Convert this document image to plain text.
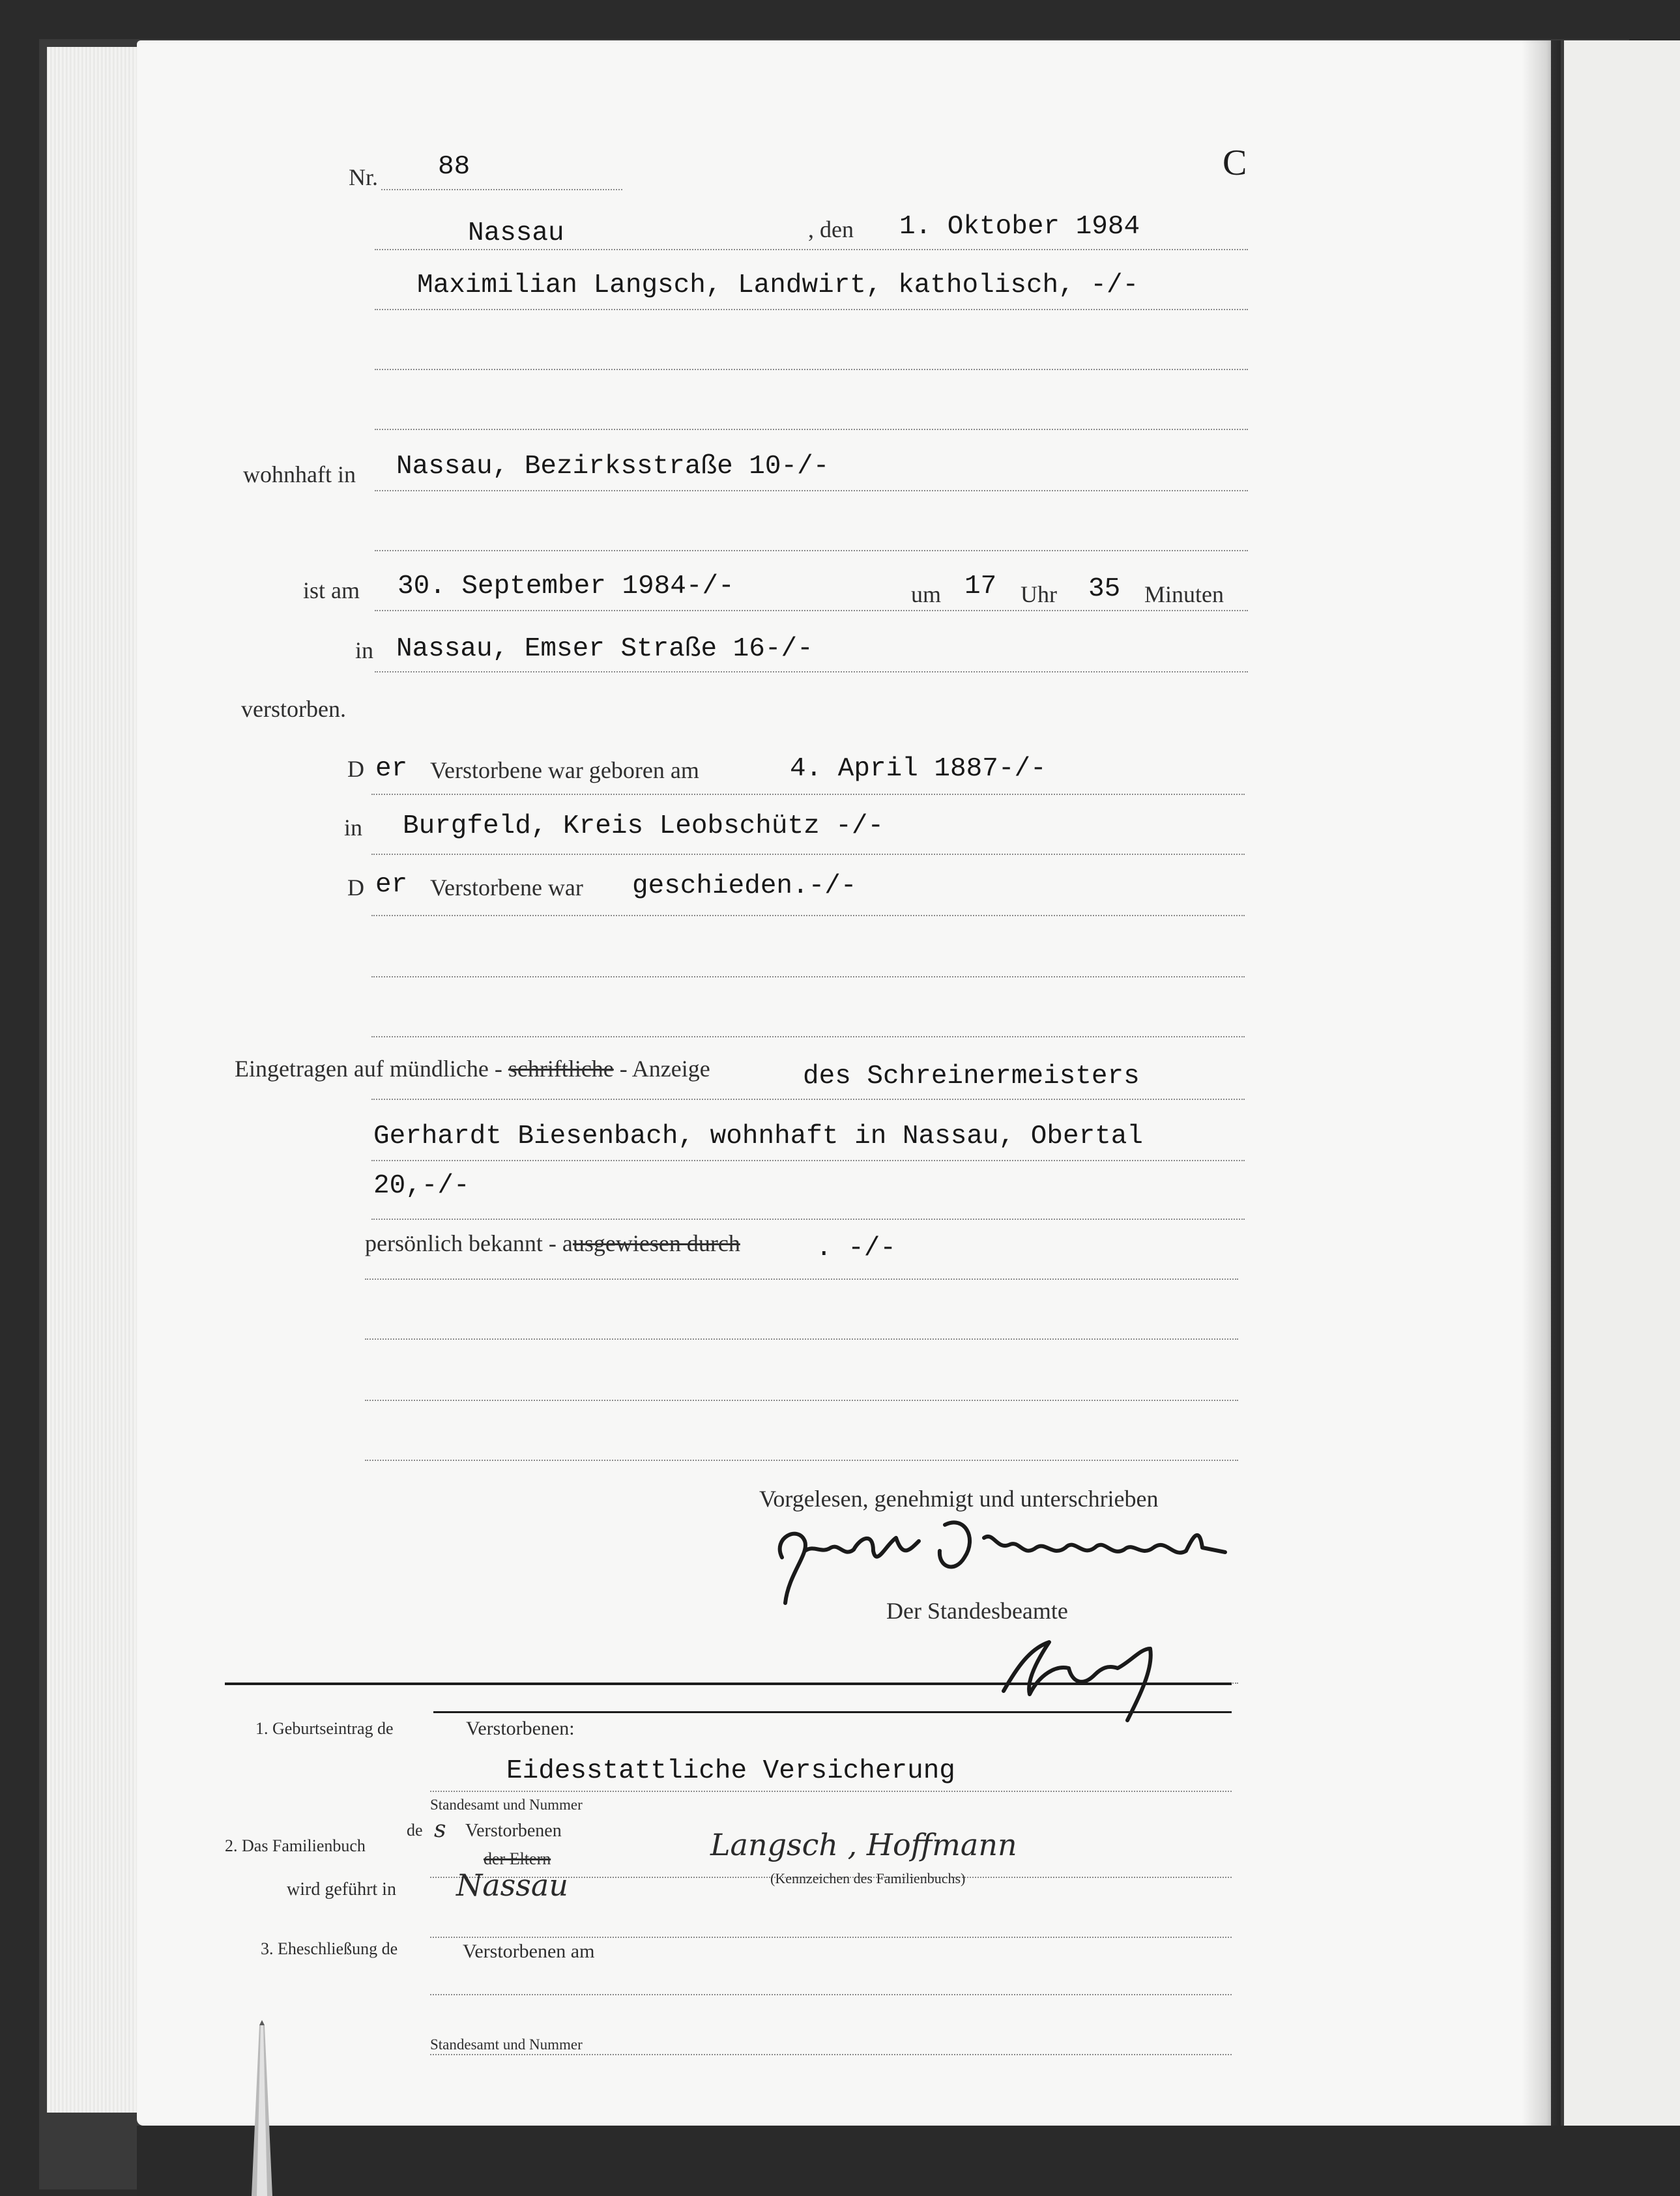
C
Nr. 88
Nassau	, den 1. Oktober 1984
Maximilian Langsch, Landwirt, katholisch, -/-
wohnhaft in Nassau, Bezirksstraße 10-/-
ist am 30. September 1984-/-	um 17 Uhr 35 Minuten
in Nassau, Emser Straße 16-/-
verstorben.
D er Verstorbene war geboren am	4. April 1887-/-
in Burgfeld, Kreis Leobschütz -/-
D er Verstorbene war geschieden.-/-
Eingetragen auf mündliche - schriftliche - Anzeige	des Schreinermeisters
Gerhardt Biesenbach, wohnhaft in Nassau, Obertal
20,-/-
persönlich bekannt - ausgewiesen durch	. -/-
Vorgelesen, genehmigt und unterschrieben
Der Standesbeamte
1. Geburtseintrag de	Verstorbenen:
Eidesstattliche Versicherung
Standesamt und Nummer
2. Das Familienbuch
de s Verstorbenen
der Eltern	Langsch , Hoffmann
(Kennzeichen des Familienbuchs)
wird geführt in Nassau
3. Eheschließung de	Verstorbenen am
Standesamt und Nummer
